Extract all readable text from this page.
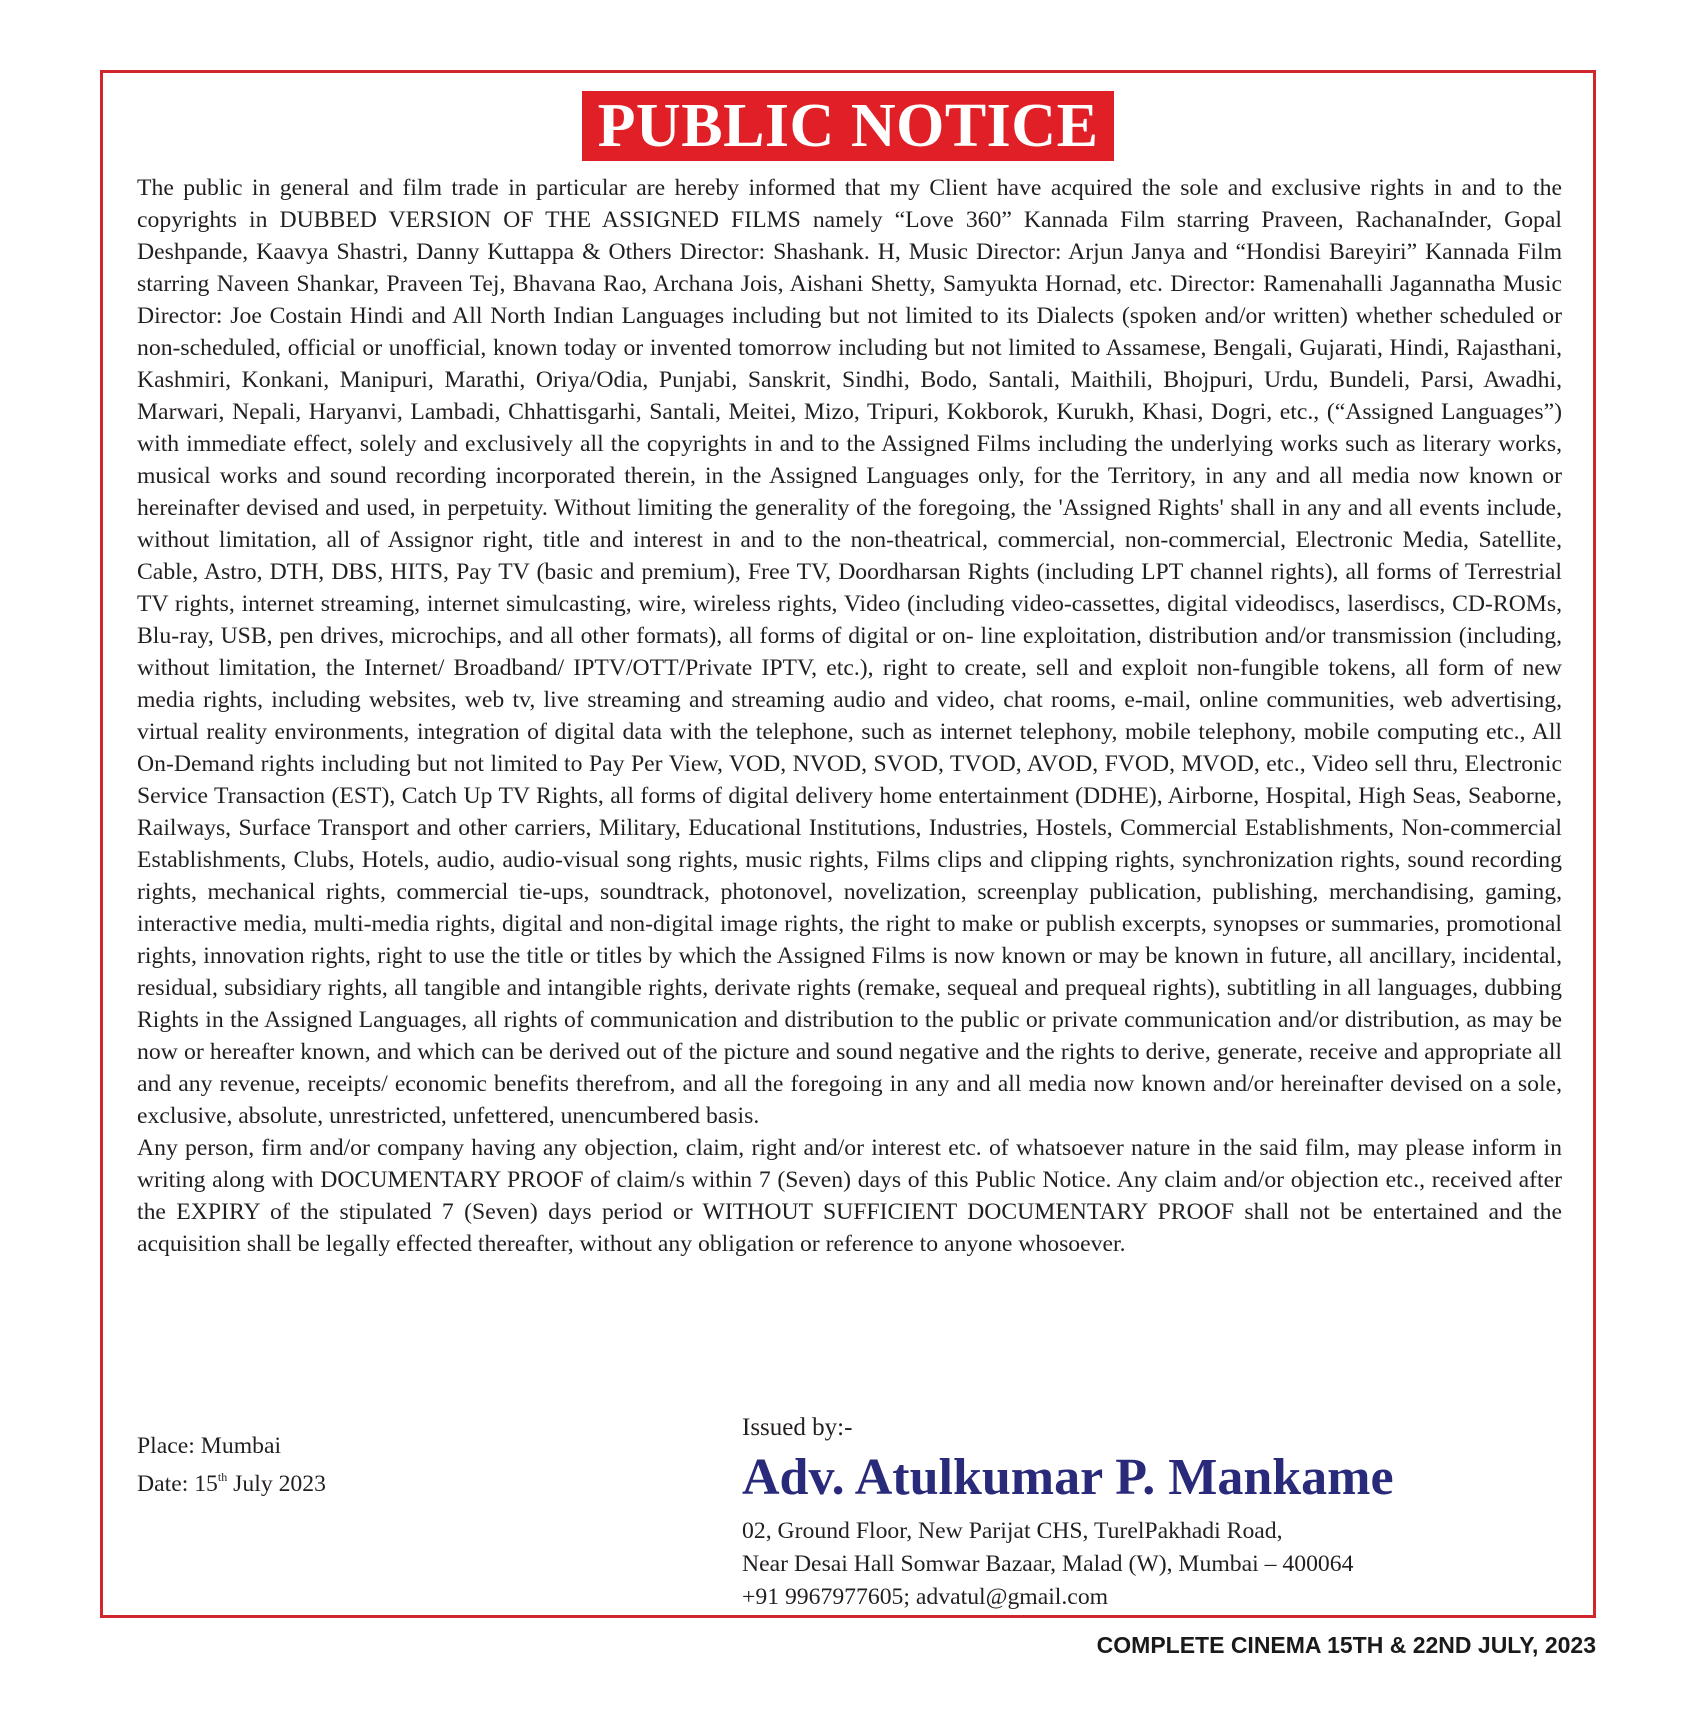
PUBLIC NOTICE

The public in general and film trade in particular are hereby informed that my Client have acquired the sole and exclusive rights in and to the copyrights in DUBBED VERSION OF THE ASSIGNED FILMS namely “Love 360” Kannada Film starring Praveen, RachanaInder, Gopal Deshpande, Kaavya Shastri, Danny Kuttappa & Others Director: Shashank. H, Music Director: Arjun Janya and “Hondisi Bareyiri” Kannada Film starring Naveen Shankar, Praveen Tej, Bhavana Rao, Archana Jois, Aishani Shetty, Samyukta Hornad, etc. Director: Ramenahalli Jagannatha Music Director: Joe Costain Hindi and All North Indian Languages including but not limited to its Dialects (spoken and/or written) whether scheduled or non-scheduled, official or unofficial, known today or invented tomorrow including but not limited to Assamese, Bengali, Gujarati, Hindi, Rajasthani, Kashmiri, Konkani, Manipuri, Marathi, Oriya/Odia, Punjabi, Sanskrit, Sindhi, Bodo, Santali, Maithili, Bhojpuri, Urdu, Bundeli, Parsi, Awadhi, Marwari, Nepali, Haryanvi, Lambadi, Chhattisgarhi, Santali, Meitei, Mizo, Tripuri, Kokborok, Kurukh, Khasi, Dogri, etc., (“Assigned Languages”) with immediate effect, solely and exclusively all the copyrights in and to the Assigned Films including the underlying works such as literary works, musical works and sound recording incorporated therein, in the Assigned Languages only, for the Territory, in any and all media now known or hereinafter devised and used, in perpetuity. Without limiting the generality of the foregoing, the 'Assigned Rights' shall in any and all events include, without limitation, all of Assignor right, title and interest in and to the non-theatrical, commercial, non-commercial, Electronic Media, Satellite, Cable, Astro, DTH, DBS, HITS, Pay TV (basic and premium), Free TV, Doordharsan Rights (including LPT channel rights), all forms of Terrestrial TV rights, internet streaming, internet simulcasting, wire, wireless rights, Video (including video-cassettes, digital videodiscs, laserdiscs, CD-ROMs, Blu-ray, USB, pen drives, microchips, and all other formats), all forms of digital or on- line exploitation, distribution and/or transmission (including, without limitation, the Internet/ Broadband/ IPTV/OTT/Private IPTV, etc.), right to create, sell and exploit non-fungible tokens, all form of new media rights, including websites, web tv, live streaming and streaming audio and video, chat rooms, e-mail, online communities, web advertising, virtual reality environments, integration of digital data with the telephone, such as internet telephony, mobile telephony, mobile computing etc., All On-Demand rights including but not limited to Pay Per View, VOD, NVOD, SVOD, TVOD, AVOD, FVOD, MVOD, etc., Video sell thru, Electronic Service Transaction (EST), Catch Up TV Rights, all forms of digital delivery home entertainment (DDHE), Airborne, Hospital, High Seas, Seaborne, Railways, Surface Transport and other carriers, Military, Educational Institutions, Industries, Hostels, Commercial Establishments, Non-commercial Establishments, Clubs, Hotels, audio, audio-visual song rights, music rights, Films clips and clipping rights, synchronization rights, sound recording rights, mechanical rights, commercial tie-ups, soundtrack, photonovel, novelization, screenplay publication, publishing, merchandising, gaming, interactive media, multi-media rights, digital and non-digital image rights, the right to make or publish excerpts, synopses or summaries, promotional rights, innovation rights, right to use the title or titles by which the Assigned Films is now known or may be known in future, all ancillary, incidental, residual, subsidiary rights, all tangible and intangible rights, derivate rights (remake, sequeal and prequeal rights), subtitling in all languages, dubbing Rights in the Assigned Languages, all rights of communication and distribution to the public or private communication and/or distribution, as may be now or hereafter known, and which can be derived out of the picture and sound negative and the rights to derive, generate, receive and appropriate all and any revenue, receipts/ economic benefits therefrom, and all the foregoing in any and all media now known and/or hereinafter devised on a sole, exclusive, absolute, unrestricted, unfettered, unencumbered basis.

Any person, firm and/or company having any objection, claim, right and/or interest etc. of whatsoever nature in the said film, may please inform in writing along with DOCUMENTARY PROOF of claim/s within 7 (Seven) days of this Public Notice. Any claim and/or objection etc., received after the EXPIRY of the stipulated 7 (Seven) days period or WITHOUT SUFFICIENT DOCUMENTARY PROOF shall not be entertained and the acquisition shall be legally effected thereafter, without any obligation or reference to anyone whosoever.

Place: Mumbai
Date: 15th July 2023
Issued by:-
Adv. Atulkumar P. Mankame
02, Ground Floor, New Parijat CHS, TurelPakhadi Road,
Near Desai Hall Somwar Bazaar, Malad (W), Mumbai – 400064
+91 9967977605; advatul@gmail.com
COMPLETE CINEMA 15TH & 22ND JULY, 2023
